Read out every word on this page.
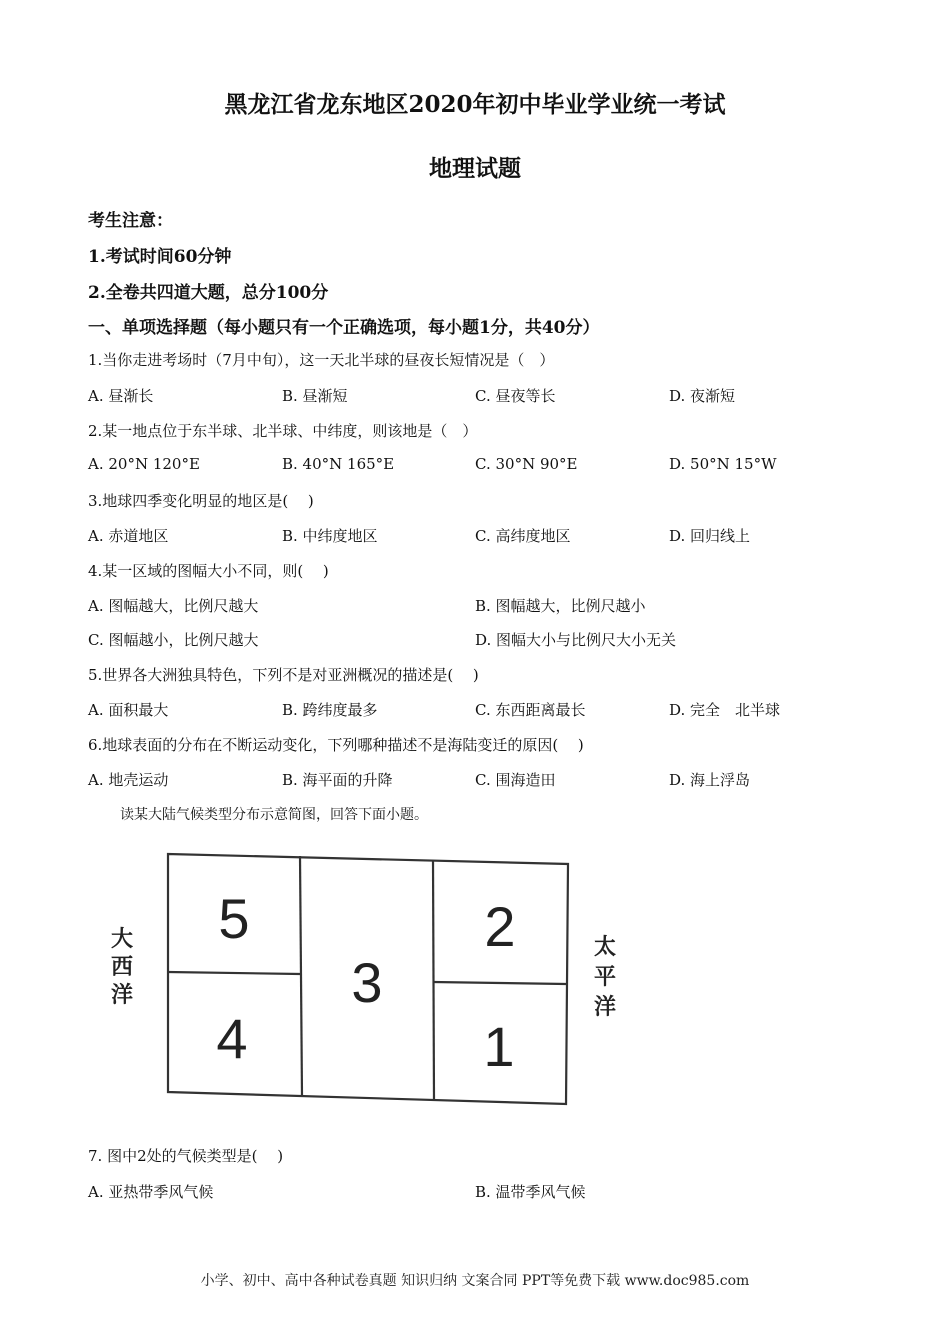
黑龙江省龙东地区2020年初中毕业学业统一考试
地理试题
考生注意：
1.考试时间60分钟
2.全卷共四道大题，总分100分
一、单项选择题（每小题只有一个正确选项，每小题1分，共40分）
1.当你走进考场时（7月中旬），这一天北半球的昼夜长短情况是（　）
A. 昼渐长	B. 昼渐短	C. 昼夜等长	D. 夜渐短
2.某一地点位于东半球、北半球、中纬度，则该地是（　）
A. 20°N 120°E	B. 40°N 165°E	C. 30°N 90°E	D. 50°N 15°W
3.地球四季变化明显的地区是(　 )
A. 赤道地区	B. 中纬度地区	C. 高纬度地区	D. 回归线上
4.某一区域的图幅大小不同，则(　 )
A. 图幅越大，比例尺越大	B. 图幅越大，比例尺越小
C. 图幅越小，比例尺越大	D. 图幅大小与比例尺大小无关
5.世界各大洲独具特色，下列不是对亚洲概况的描述是(　 )
A. 面积最大	B. 跨纬度最多	C. 东西距离最长	D. 完全　北半球
6.地球表面的分布在不断运动变化，下列哪种描述不是海陆变迁的原因(　 )
A. 地壳运动	B. 海平面的升降	C. 围海造田	D. 海上浮岛
读某大陆气候类型分布示意简图，回答下面小题。
5
4
3
2
1
大
西
洋
太
平
洋
7. 图中2处的气候类型是(　 )
A. 亚热带季风气候	B. 温带季风气候
小学、初中、高中各种试卷真题 知识归纳 文案合同 PPT等免费下载 www.doc985.com
